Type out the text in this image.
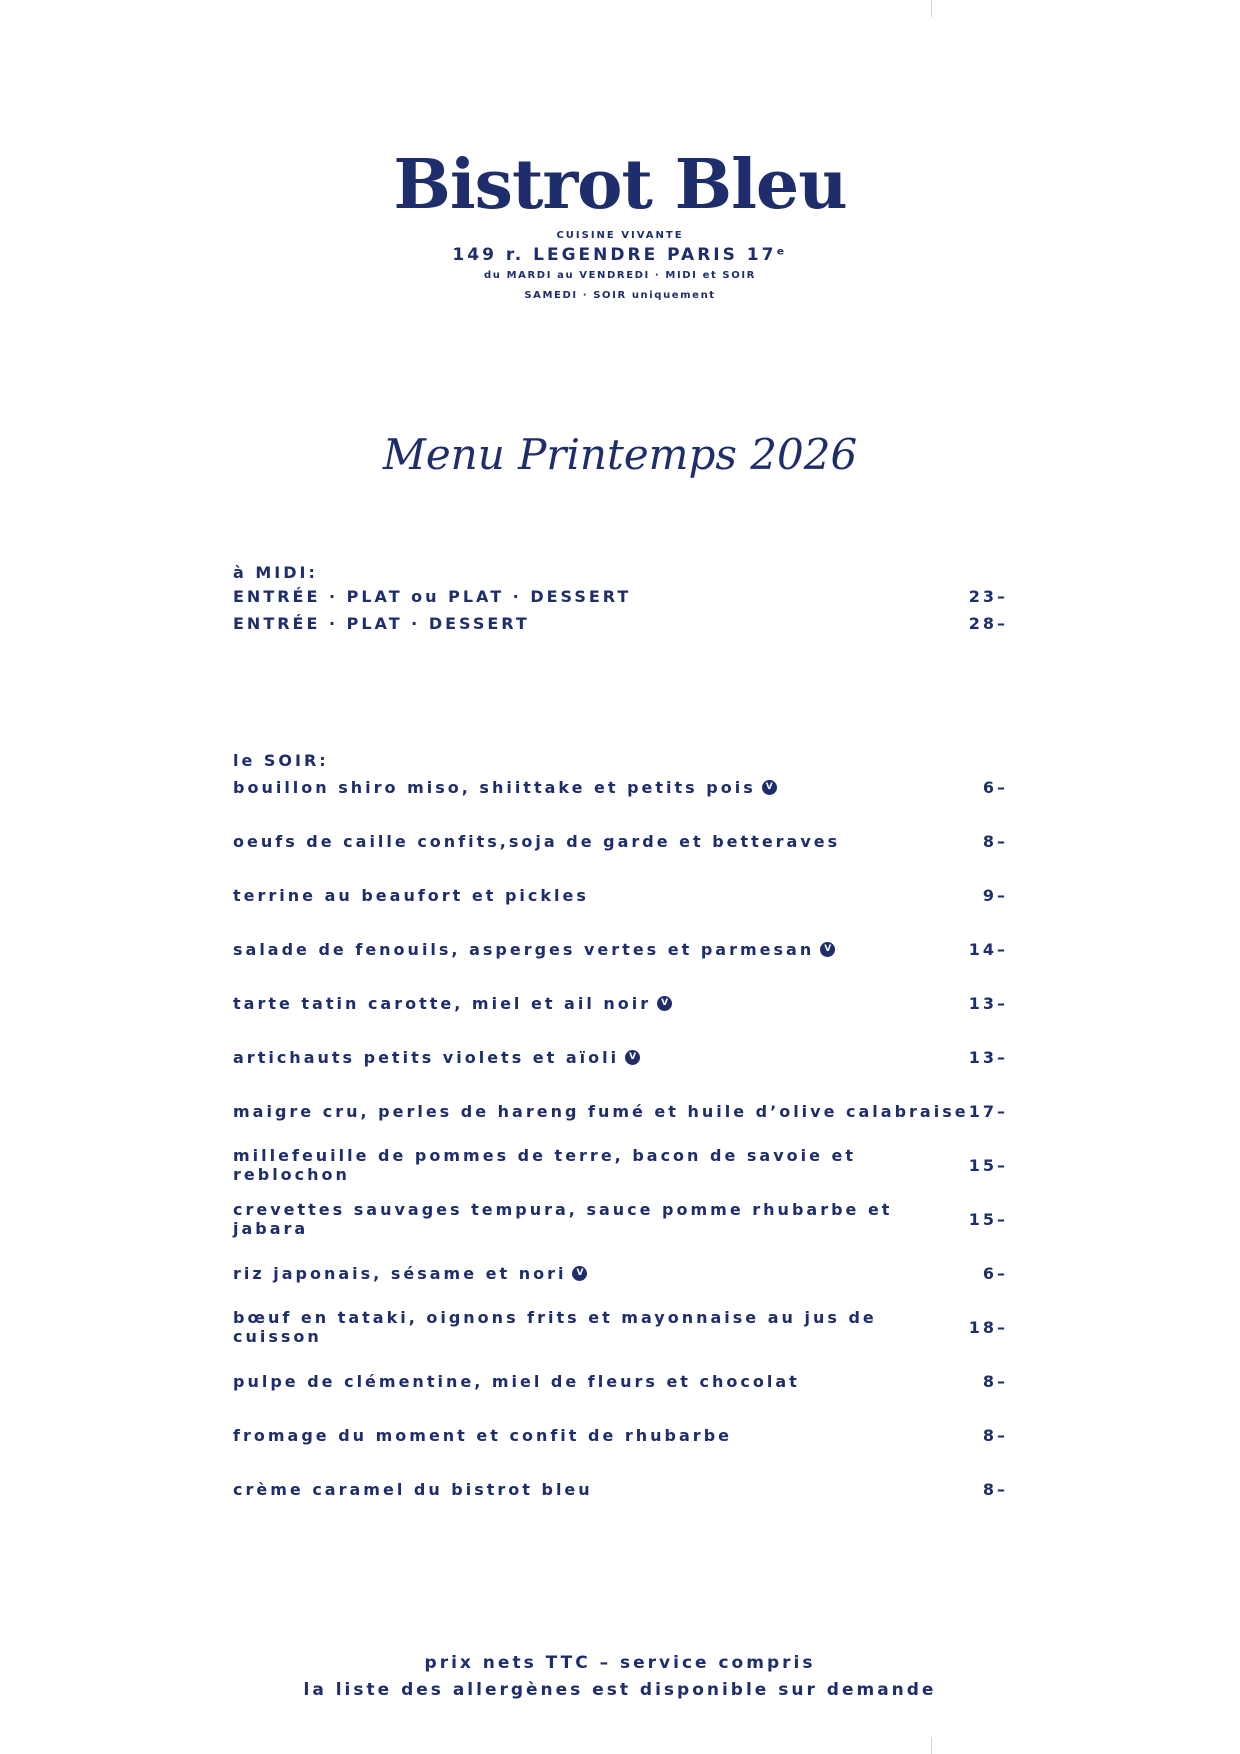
Bistrot Bleu
CUISINE VIVANTE
149 r. LEGENDRE PARIS 17ᵉ
du MARDI au VENDREDI · MIDI et SOIR
SAMEDI · SOIR uniquement
Menu Printemps 2026
à MIDI:
ENTRÉE · PLAT ou PLAT · DESSERT	23–
ENTRÉE · PLAT · DESSERT	28–
le SOIR:
bouillon shiro miso, shiittake et petits pois	V	6–
oeufs de caille confits,soja de garde et betteraves	8–
terrine au beaufort et pickles	9–
salade de fenouils, asperges vertes et parmesan	V	14–
tarte tatin carotte, miel et ail noir	V	13–
artichauts petits violets et aïoli	V	13–
maigre cru, perles de hareng fumé et huile d’olive calabraise 17–
millefeuille de pommes de terre, bacon de savoie et reblochon	15–
crevettes sauvages tempura, sauce pomme rhubarbe et jabara	15–
riz japonais, sésame et nori	V	6–
bœuf en tataki, oignons frits et mayonnaise au jus de cuisson	18–
pulpe de clémentine, miel de fleurs et chocolat	8–
fromage du moment et confit de rhubarbe	8–
crème caramel du bistrot bleu	8–
prix nets TTC – service compris
la liste des allergènes est disponible sur demande
